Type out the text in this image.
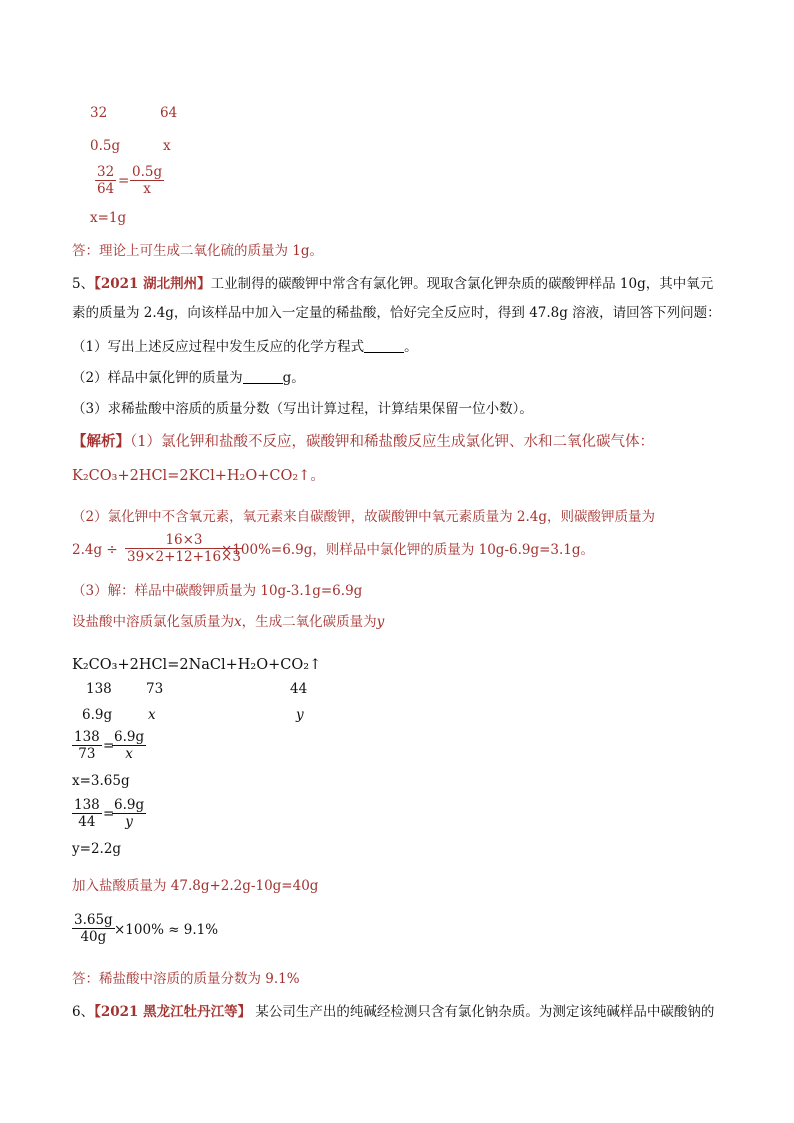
32	64
0.5g	x
$\frac{32}{64} = \frac{0.5g}{x}$
x=1g
答：理论上可生成二氧化硫的质量为 1g。
5、【2021 湖北荆州】工业制得的碳酸钾中常含有氯化钾。现取含氯化钾杂质的碳酸钾样品 10g，其中氧元
素的质量为 2.4g，向该样品中加入一定量的稀盐酸，恰好完全反应时，得到 47.8g 溶液，请回答下列问题：
（1）写出上述反应过程中发生反应的化学方程式	。
（2）样品中氯化钾的质量为	g。
（3）求稀盐酸中溶质的质量分数（写出计算过程，计算结果保留一位小数）。
【解析】（1）氯化钾和盐酸不反应，碳酸钾和稀盐酸反应生成氯化钾、水和二氧化碳气体：
K₂CO₃+2HCl=2KCl+H₂O+CO₂↑。
（2）氯化钾中不含氧元素，氧元素来自碳酸钾，故碳酸钾中氧元素质量为 2.4g，则碳酸钾质量为
$2.4g \div \frac{16\times 3}{39\times 2+12+16\times 3}$
×100%=6.9g，则样品中氯化钾的质量为 10g-6.9g=3.1g。
（3）解：样品中碳酸钾质量为 10g-3.1g=6.9g
设盐酸中溶质氯化氢质量为x，生成二氧化碳质量为y
K₂CO₃+2HCl=2NaCl+H₂O+CO₂↑
138	73	44
6.9g	x	y
$\frac{138}{73}$ =
$\frac{6.9g}{x}$
x=3.65g
$\frac{138}{44}$ =
$\frac{6.9g}{y}$
y=2.2g
加入盐酸质量为 47.8g+2.2g-10g=40g
$\frac{3.65g}{40g} \times 100\% \approx 9.1\%$
答：稀盐酸中溶质的质量分数为 9.1%
6、【2021 黑龙江牡丹江等】 某公司生产出的纯碱经检测只含有氯化钠杂质。为测定该纯碱样品中碳酸钠的
